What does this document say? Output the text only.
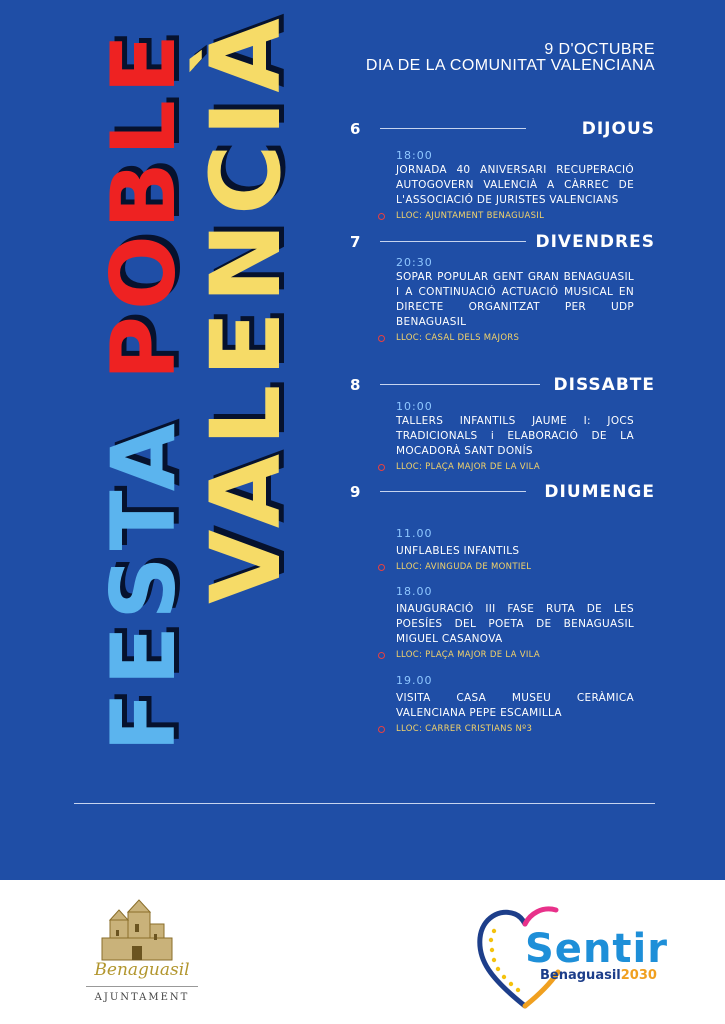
FESTA POBLE
VALENCIÀ	9 D'OCTUBRE
DIA DE LA COMUNITAT VALENCIANA
6	DIJOUS
18:00
JORNADA 40 ANIVERSARI RECUPERACIÓ AUTOGOVERN VALENCIÀ A CÀRREC DE L'ASSOCIACIÓ DE JURISTES VALENCIANS
LLOC: AJUNTAMENT BENAGUASIL
7	DIVENDRES
20:30
SOPAR POPULAR GENT GRAN BENAGUASIL I A CONTINUACIÓ ACTUACIÓ MUSICAL EN DIRECTE ORGANITZAT PER UDP BENAGUASIL
LLOC: CASAL DELS MAJORS
8	DISSABTE
10:00
TALLERS INFANTILS JAUME I: JOCS TRADICIONALS i ELABORACIÓ DE LA MOCADORÀ SANT DONÍS
LLOC: PLAÇA MAJOR DE LA VILA
9	DIUMENGE
11.00
UNFLABLES INFANTILS
LLOC: AVINGUDA DE MONTIEL
18.00
INAUGURACIÓ III FASE RUTA DE LES POESÍES DEL POETA DE BENAGUASIL MIGUEL CASANOVA
LLOC: PLAÇA MAJOR DE LA VILA
19.00
VISITA CASA MUSEU CERÀMICA VALENCIANA PEPE ESCAMILLA
LLOC: CARRER CRISTIANS Nº3
Benaguasil
AJUNTAMENT
Sentir
Benaguasil2030
